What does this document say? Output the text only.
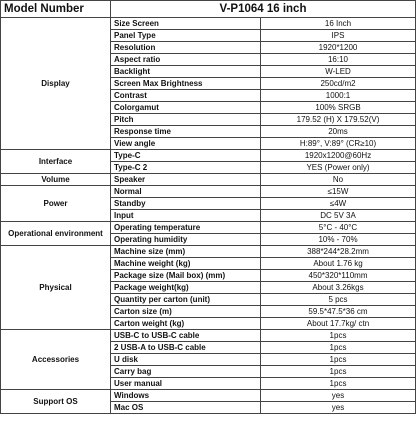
Model Number	V-P1064 16 inch	
Display	Size Screen	16 Inch
	Panel Type	IPS
	Resolution	1920*1200
	Aspect ratio	16:10
	Backlight	W-LED
	Screen Max Brightness	250cd/m2
	Contrast	1000:1
	Colorgamut	100% SRGB
	Pitch	179.52 (H) X 179.52(V)
	Response time	20ms
	View angle	H:89°, V:89° (CR≥10)
Interface	Type-C	1920x1200@60Hz
	Type-C 2	YES (Power only)
Volume	Speaker	No
Power	Normal	≤15W
	Standby	≤4W
	Input	DC 5V 3A
Operational environment	Operating temperature	5°C - 40°C
	Operating humidity	10% - 70%
Physical	Machine size (mm)	388*244*28.2mm
	Machine weight (kg)	About 1.76 kg
	Package size (Mail box) (mm)	450*320*110mm
	Package weight(kg)	About 3.26kgs
	Quantity per carton (unit)	5 pcs
	Carton size (m)	59.5*47.5*36 cm
	Carton weight (kg)	About 17.7kg/ ctn
Accessories	USB-C to USB-C cable	1pcs
	2 USB-A to USB-C cable	1pcs
	U disk	1pcs
	Carry bag	1pcs
	User manual	1pcs
Support OS	Windows	yes
	Mac OS	yes
